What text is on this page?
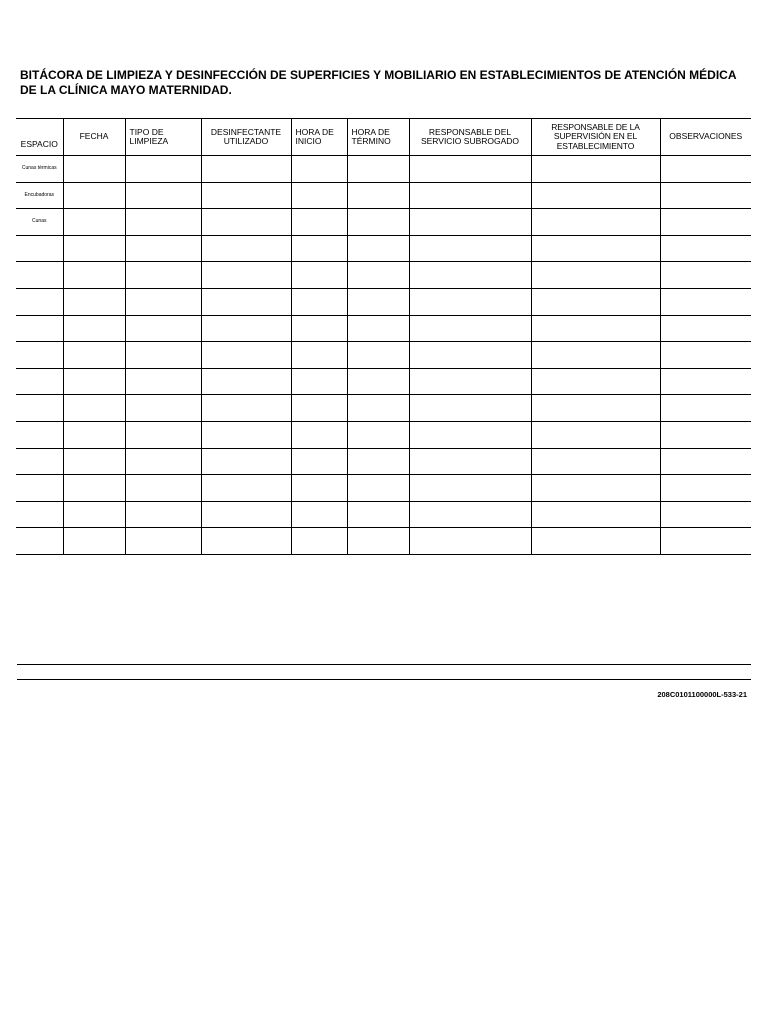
BITÁCORA DE LIMPIEZA Y DESINFECCIÓN DE SUPERFICIES Y MOBILIARIO EN ESTABLECIMIENTOS DE ATENCIÓN MÉDICA DE LA CLÍNICA MAYO MATERNIDAD.
ESPACIO	FECHA	TIPO DE LIMPIEZA	DESINFECTANTE UTILIZADO	HORA DE INICIO	HORA DE TÉRMINO	RESPONSABLE DEL SERVICIO SUBROGADO	RESPONSABLE DE LA SUPERVISIÓN EN EL ESTABLECIMIENTO	OBSERVACIONES
Cunas térmicas								
Encubadoras								
Cunas								

208C0101100000L-533-21
